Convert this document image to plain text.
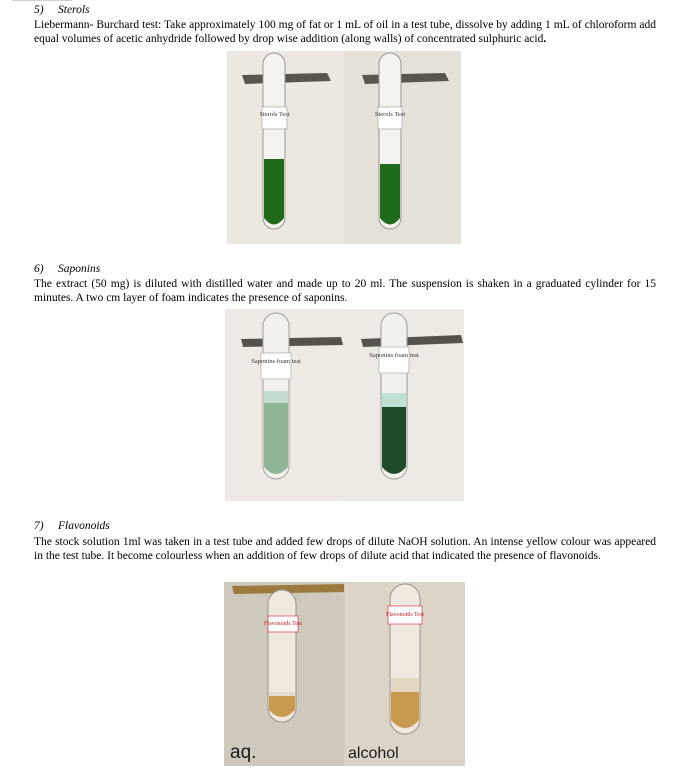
5) Sterols
Liebermann- Burchard test: Take approximately 100 mg of fat or 1 mL of oil in a test tube, dissolve by adding 1 mL of chloroform add equal volumes of acetic anhydride followed by drop wise addition (along walls) of concentrated sulphuric acid.
Sterols Test	Sterols Test
6) Saponins
The extract (50 mg) is diluted with distilled water and made up to 20 ml. The suspension is shaken in a graduated cylinder for 15 minutes. A two cm layer of foam indicates the presence of saponins.
Saponins foam test
Saponins foam test
7) Flavonoids
The stock solution 1ml was taken in a test tube and added few drops of dilute NaOH solution. An intense yellow colour was appeared in the test tube. It become colourless when an addition of few drops of dilute acid that indicated the presence of flavonoids.
Flavonoids Test
Flavonoids Test
aq.	alcohol
